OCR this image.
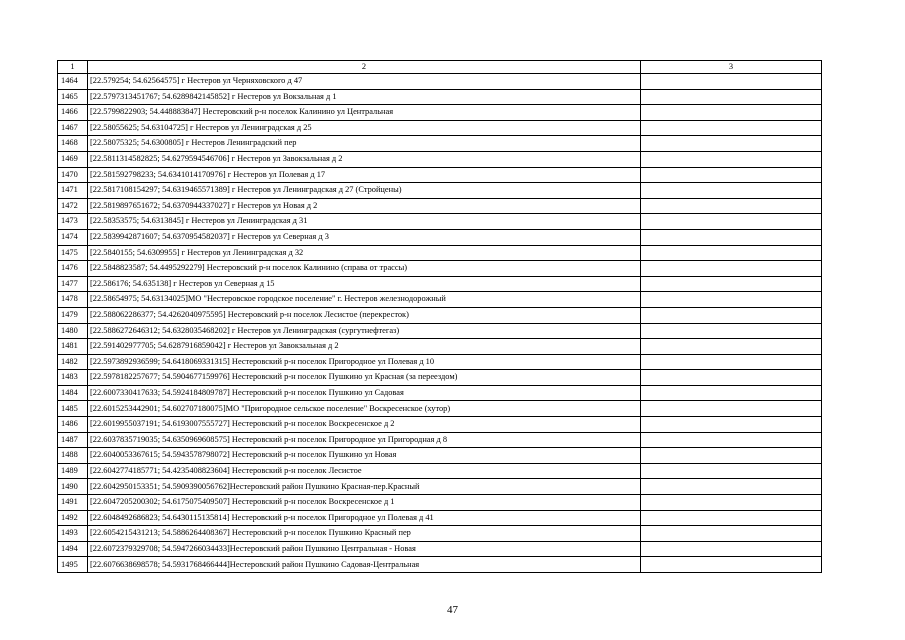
1	2	3
1464	[22.579254; 54.62564575] г Нестеров ул Черняховского д 47	
1465	[22.5797313451767; 54.6289842145852] г Нестеров ул Вокзальная д 1	
1466	[22.5799822903; 54.448883847] Нестеровский р-н поселок Калинино ул Центральная	
1467	[22.58055625; 54.63104725] г Нестеров ул Ленинградская д 25	
1468	[22.58075325; 54.6300805] г Нестеров Ленинградский пер	
1469	[22.5811314582825; 54.6279594546706] г Нестеров ул Завокзальная д 2	
1470	[22.581592798233; 54.6341014170976] г Нестеров ул Полевая д 17	
1471	[22.5817108154297; 54.6319465571389] г Нестеров ул Ленинградская д 27 (Стройцены)	
1472	[22.5819897651672; 54.6370944337027] г Нестеров ул Новая д 2	
1473	[22.58353575; 54.6313845] г Нестеров ул Ленинградская д 31	
1474	[22.5839942871607; 54.6370954582037] г Нестеров ул Северная д 3	
1475	[22.5840155; 54.6309955] г Нестеров ул Ленинградская д 32	
1476	[22.5848823587; 54.4495292279] Нестеровский р-н поселок Калинино (справа от трассы)	
1477	[22.586176; 54.635138] г Нестеров ул Северная д 15	
1478	[22.58654975; 54.63134025]МО "Нестеровское городское поселение" г. Нестеров железнодорожный	
1479	[22.588062286377; 54.4262040975595] Нестеровский р-н поселок Лесистое (перекресток)	
1480	[22.5886272646312; 54.6328035468202] г Нестеров ул Ленинградская (сургутнефтегаз)	
1481	[22.591402977705; 54.6287916859042] г Нестеров ул Завокзальная д 2	
1482	[22.5973892936599; 54.6418069331315] Нестеровский р-н поселок Пригородное ул Полевая д 10	
1483	[22.5978182257677; 54.5904677159976] Нестеровский р-н поселок Пушкино ул Красная (за переездом)	
1484	[22.6007330417633; 54.5924184809787] Нестеровский р-н поселок Пушкино ул Садовая	
1485	[22.6015253442901; 54.602707180075]МО "Пригородное сельское поселение" Воскресенское (хутор)	
1486	[22.6019955037191; 54.6193007555727] Нестеровский р-н поселок Воскресенское д 2	
1487	[22.6037835719035; 54.6350969608575] Нестеровский р-н поселок Пригородное ул Пригородная д 8	
1488	[22.6040053367615; 54.5943578798072] Нестеровский р-н поселок Пушкино ул Новая	
1489	[22.6042774185771; 54.4235408823604] Нестеровский р-н поселок Лесистое	
1490	[22.6042950153351; 54.5909390056762]Нестеровский район Пушкино Красная-пер.Красный	
1491	[22.6047205200302; 54.6175075409507] Нестеровский р-н поселок Воскресенское д 1	
1492	[22.6048492686823; 54.6430115135814] Нестеровский р-н поселок Пригородное ул Полевая д 41	
1493	[22.6054215431213; 54.5886264408367] Нестеровский р-н поселок Пушкино Красный пер	
1494	[22.6072379329708; 54.5947266034433]Нестеровский район Пушкино Центральная - Новая	
1495	[22.6076638698578; 54.5931768466444]Нестеровский район Пушкино Садовая-Центральная	
47
